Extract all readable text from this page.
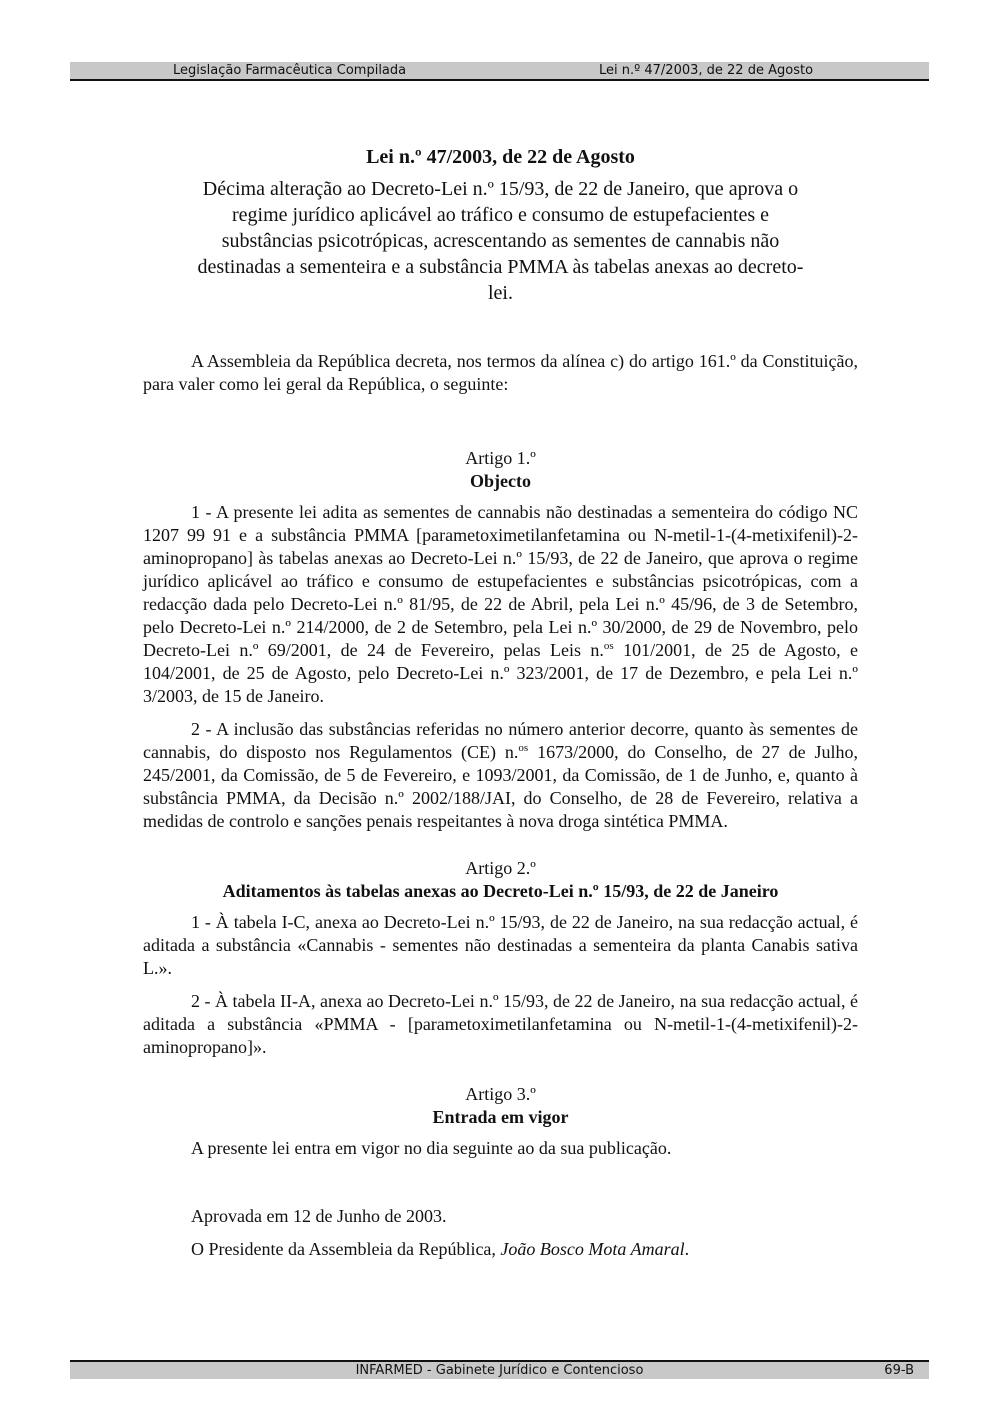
Legislação Farmacêutica Compilada	Lei n.º 47/2003, de 22 de Agosto

Lei n.º 47/2003, de 22 de Agosto

Décima alteração ao Decreto-Lei n.º 15/93, de 22 de Janeiro, que aprova o regime jurídico aplicável ao tráfico e consumo de estupefacientes e substâncias psicotrópicas, acrescentando as sementes de cannabis não destinadas a sementeira e a substância PMMA às tabelas anexas ao decreto-lei.

A Assembleia da República decreta, nos termos da alínea c) do artigo 161.º da Constituição, para valer como lei geral da República, o seguinte:

Artigo 1.º

Objecto

1 - A presente lei adita as sementes de cannabis não destinadas a sementeira do código NC 1207 99 91 e a substância PMMA [parametoximetilanfetamina ou N-metil-1-(4-metixifenil)-2-aminopropano] às tabelas anexas ao Decreto-Lei n.º 15/93, de 22 de Janeiro, que aprova o regime jurídico aplicável ao tráfico e consumo de estupefacientes e substâncias psicotrópicas, com a redacção dada pelo Decreto-Lei n.º 81/95, de 22 de Abril, pela Lei n.º 45/96, de 3 de Setembro, pelo Decreto-Lei n.º 214/2000, de 2 de Setembro, pela Lei n.º 30/2000, de 29 de Novembro, pelo Decreto-Lei n.º 69/2001, de 24 de Fevereiro, pelas Leis n.$^{os}$ 101/2001, de 25 de Agosto, e 104/2001, de 25 de Agosto, pelo Decreto-Lei n.º 323/2001, de 17 de Dezembro, e pela Lei n.º 3/2003, de 15 de Janeiro.

2 - A inclusão das substâncias referidas no número anterior decorre, quanto às sementes de cannabis, do disposto nos Regulamentos (CE) n.$^{os}$ 1673/2000, do Conselho, de 27 de Julho, 245/2001, da Comissão, de 5 de Fevereiro, e 1093/2001, da Comissão, de 1 de Junho, e, quanto à substância PMMA, da Decisão n.º 2002/188/JAI, do Conselho, de 28 de Fevereiro, relativa a medidas de controlo e sanções penais respeitantes à nova droga sintética PMMA.

Artigo 2.º

Aditamentos às tabelas anexas ao Decreto-Lei n.º 15/93, de 22 de Janeiro

1 - À tabela I-C, anexa ao Decreto-Lei n.º 15/93, de 22 de Janeiro, na sua redacção actual, é aditada a substância «Cannabis - sementes não destinadas a sementeira da planta Canabis sativa L.».

2 - À tabela II-A, anexa ao Decreto-Lei n.º 15/93, de 22 de Janeiro, na sua redacção actual, é aditada a substância «PMMA - [parametoximetilanfetamina ou N-metil-1-(4-metixifenil)-2-aminopropano]».

Artigo 3.º

Entrada em vigor

A presente lei entra em vigor no dia seguinte ao da sua publicação.

Aprovada em 12 de Junho de 2003.

O Presidente da Assembleia da República, João Bosco Mota Amaral.

INFARMED - Gabinete Jurídico e Contencioso	69-B
